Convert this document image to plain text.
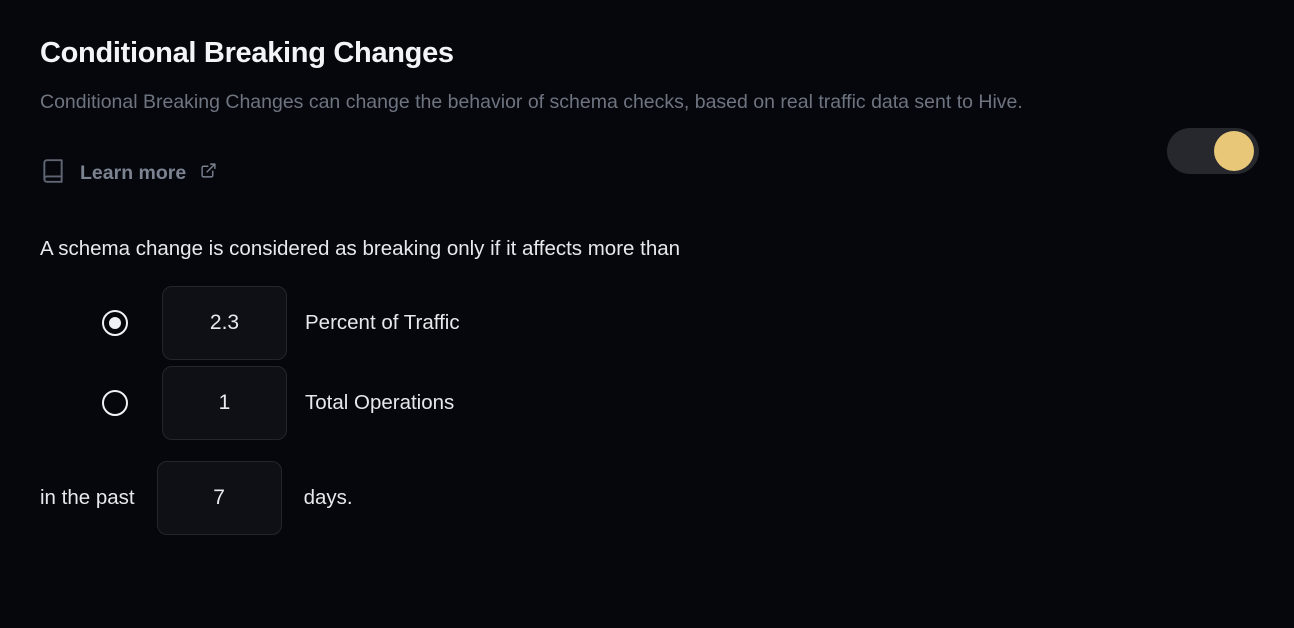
Conditional Breaking Changes

Conditional Breaking Changes can change the behavior of schema checks, based on real traffic data sent to Hive.

Learn more
A schema change is considered as breaking only if it affects more than
2.3
Percent of Traffic
1
Total Operations
in the past
7	days.
